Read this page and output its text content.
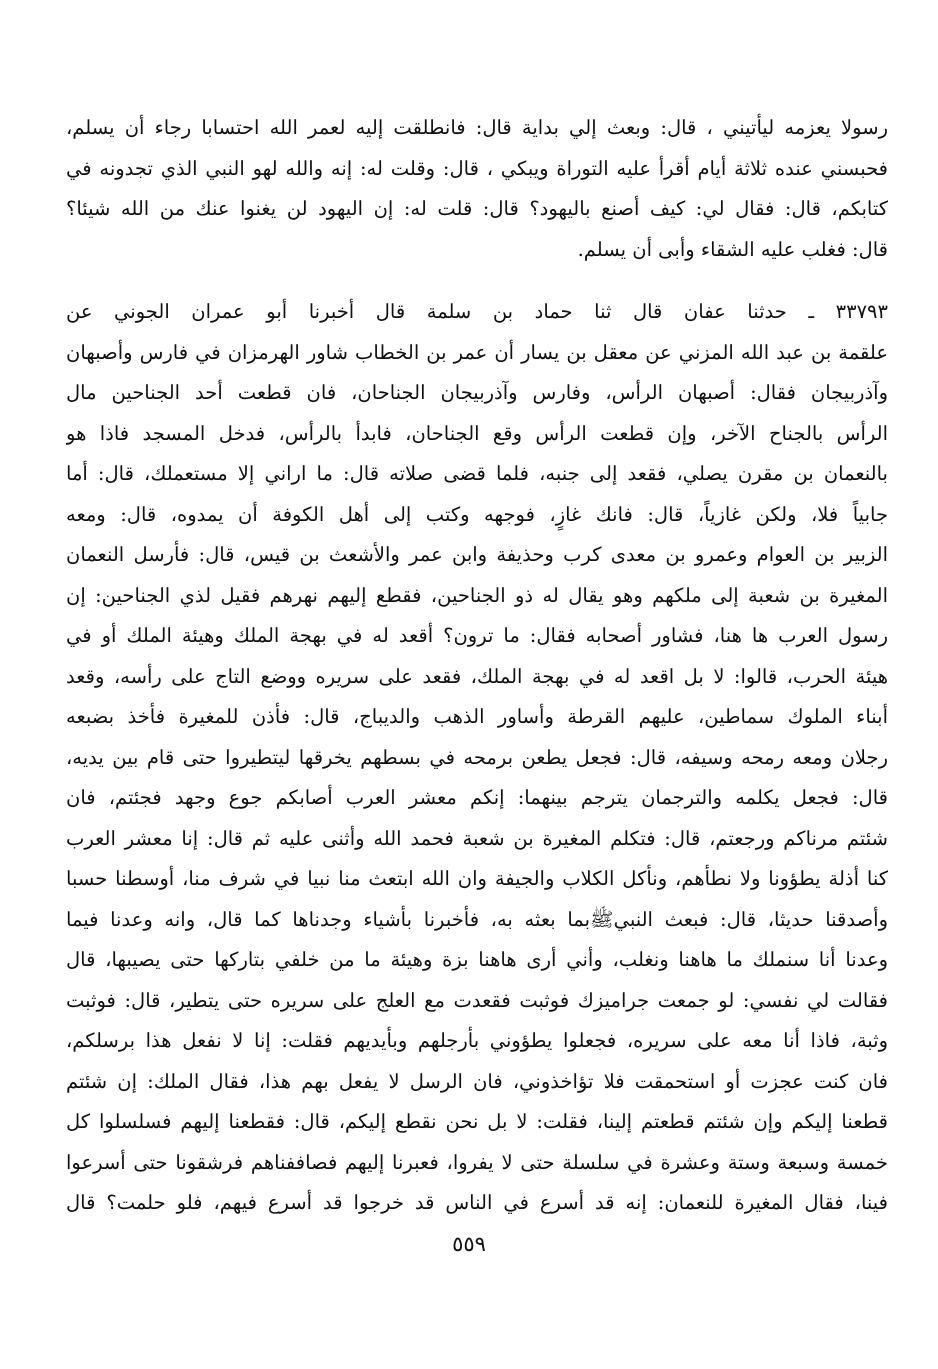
رسولا يعزمه ليأتيني ، قال: وبعث إلي بداية قال: فانطلقت إليه لعمر الله احتسابا رجاء أن يسلم،
فحبسني عنده ثلاثة أيام أقرأ عليه التوراة ويبكي ، قال: وقلت له: إنه والله لهو النبي الذي تجدونه في
كتابكم، قال: فقال لي: كيف أصنع باليهود؟ قال: قلت له: إن اليهود لن يغنوا عنك من الله شيئا؟
قال: فغلب عليه الشقاء وأبى أن يسلم.
٣٣٧٩٣ ـ حدثنا عفان قال ثنا حماد بن سلمة قال أخبرنا أبو عمران الجوني عن
علقمة بن عبد الله المزني عن معقل بن يسار أن عمر بن الخطاب شاور الهرمزان في فارس وأصبهان
وآذربيجان فقال: أصبهان الرأس، وفارس وآذربيجان الجناحان، فان قطعت أحد الجناحين مال
الرأس بالجناح الآخر، وإن قطعت الرأس وقع الجناحان، فابدأ بالرأس، فدخل المسجد فاذا هو
بالنعمان بن مقرن يصلي، فقعد إلى جنبه، فلما قضى صلاته قال: ما اراني إلا مستعملك، قال: أما
جابياً فلا، ولكن غازياً، قال: فانك غازٍ، فوجهه وكتب إلى أهل الكوفة أن يمدوه، قال: ومعه
الزبير بن العوام وعمرو بن معدى كرب وحذيفة وابن عمر والأشعث بن قيس، قال: فأرسل النعمان
المغيرة بن شعبة إلى ملكهم وهو يقال له ذو الجناحين، فقطع إليهم نهرهم فقيل لذي الجناحين: إن
رسول العرب ها هنا، فشاور أصحابه فقال: ما ترون؟ أقعد له في بهجة الملك وهيئة الملك أو في
هيئة الحرب، قالوا: لا بل اقعد له في بهجة الملك، فقعد على سريره ووضع التاج على رأسه، وقعد
أبناء الملوك سماطين، عليهم القرطة وأساور الذهب والديباج، قال: فأذن للمغيرة فأخذ بضبعه
رجلان ومعه رمحه وسيفه، قال: فجعل يطعن برمحه في بسطهم يخرقها ليتطيروا حتى قام بين يديه،
قال: فجعل يكلمه والترجمان يترجم بينهما: إنكم معشر العرب أصابكم جوع وجهد فجئتم، فان
شئتم مرناكم ورجعتم، قال: فتكلم المغيرة بن شعبة فحمد الله وأثنى عليه ثم قال: إنا معشر العرب
كنا أذلة يطؤونا ولا نطأهم، ونأكل الكلاب والجيفة وان الله ابتعث منا نبيا في شرف منا، أوسطنا حسبا
وأصدقنا حديثا، قال: فبعث النبيﷺبما بعثه به، فأخبرنا بأشياء وجدناها كما قال، وانه وعدنا فيما
وعدنا أنا سنملك ما هاهنا ونغلب، وأني أرى هاهنا بزة وهيئة ما من خلفي بتاركها حتى يصيبها، قال
فقالت لي نفسي: لو جمعت جراميزك فوثبت فقعدت مع العلج على سريره حتى يتطير، قال: فوثبت
وثبة، فاذا أنا معه على سريره، فجعلوا يطؤوني بأرجلهم وبأيديهم فقلت: إنا لا نفعل هذا برسلكم،
فان كنت عجزت أو استحمقت فلا تؤاخذوني، فان الرسل لا يفعل بهم هذا، فقال الملك: إن شئتم
قطعنا إليكم وإن شئتم قطعتم إلينا، فقلت: لا بل نحن نقطع إليكم، قال: فقطعنا إليهم فسلسلوا كل
خمسة وسبعة وستة وعشرة في سلسلة حتى لا يفروا، فعبرنا إليهم فصاففناهم فرشقونا حتى أسرعوا
فينا، فقال المغيرة للنعمان: إنه قد أسرع في الناس قد خرجوا قد أسرع فيهم، فلو حلمت؟ قال
٥٥٩
